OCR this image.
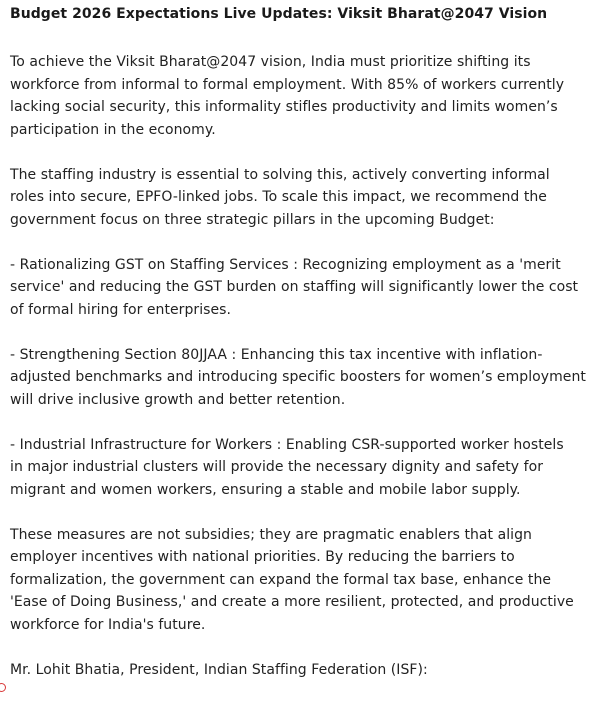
Budget 2026 Expectations Live Updates: Viksit Bharat@2047 Vision

To achieve the Viksit Bharat@2047 vision, India must prioritize shifting its
workforce from informal to formal employment. With 85% of workers currently
lacking social security, this informality stifles productivity and limits women’s
participation in the economy.

The staffing industry is essential to solving this, actively converting informal
roles into secure, EPFO-linked jobs. To scale this impact, we recommend the
government focus on three strategic pillars in the upcoming Budget:

- Rationalizing GST on Staffing Services : Recognizing employment as a 'merit
service' and reducing the GST burden on staffing will significantly lower the cost
of formal hiring for enterprises.

- Strengthening Section 80JJAA : Enhancing this tax incentive with inflation-
adjusted benchmarks and introducing specific boosters for women’s employment
will drive inclusive growth and better retention.

- Industrial Infrastructure for Workers : Enabling CSR-supported worker hostels
in major industrial clusters will provide the necessary dignity and safety for
migrant and women workers, ensuring a stable and mobile labor supply.

These measures are not subsidies; they are pragmatic enablers that align
employer incentives with national priorities. By reducing the barriers to
formalization, the government can expand the formal tax base, enhance the
'Ease of Doing Business,' and create a more resilient, protected, and productive
workforce for India's future.

Mr. Lohit Bhatia, President, Indian Staffing Federation (ISF):
